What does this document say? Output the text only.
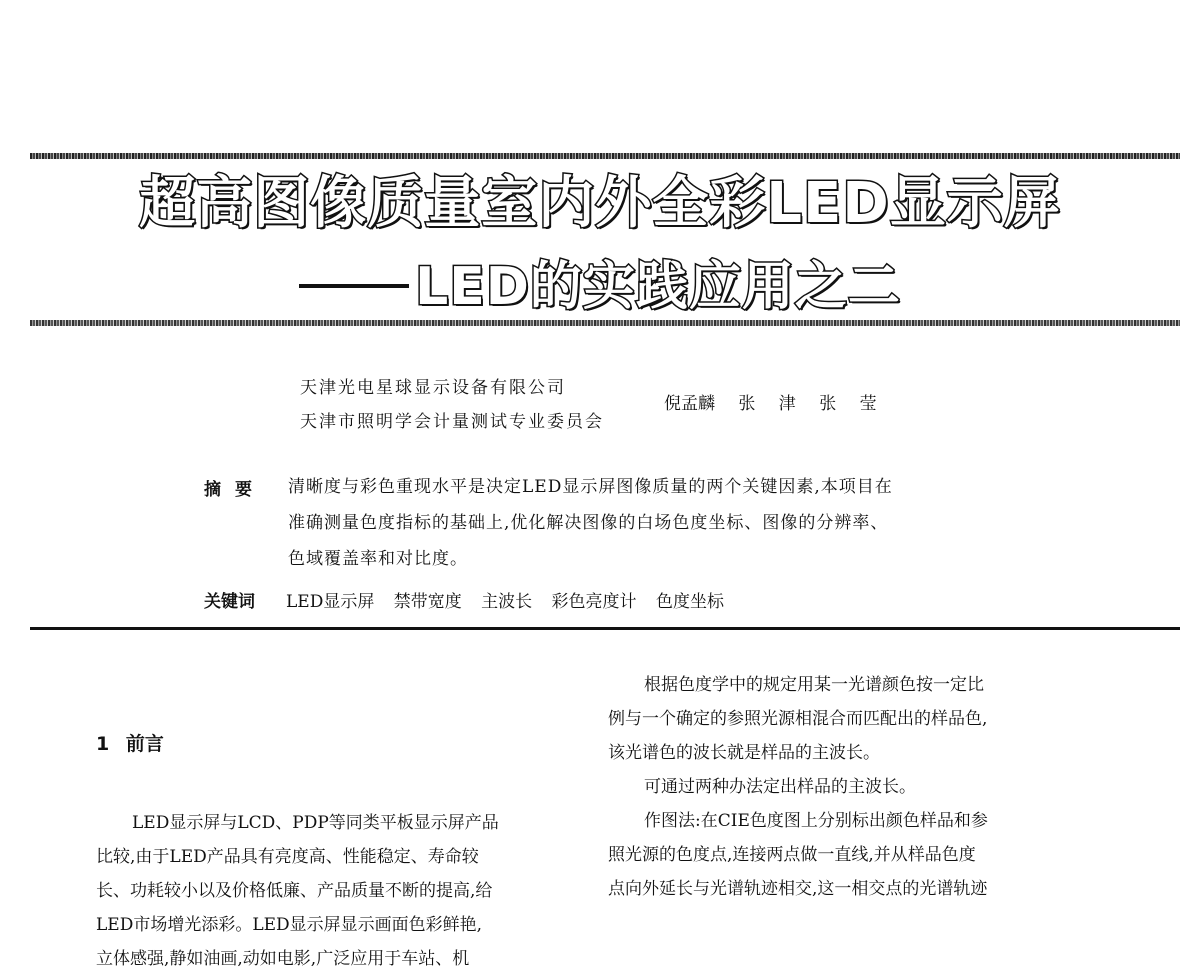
超高图像质量室内外全彩LED显示屏
LED的实践应用之二
天津光电星球显示设备有限公司
天津市照明学会计量测试专业委员会
倪孟麟 张 津 张 莹
摘要 清晰度与彩色重现水平是决定LED显示屏图像质量的两个关键因素,本项目在
准确测量色度指标的基础上,优化解决图像的白场色度坐标、图像的分辨率、
色域覆盖率和对比度。
关键词 LED显示屏 禁带宽度 主波长 彩色亮度计 色度坐标
1 前言
LED显示屏与LCD、PDP等同类平板显示屏产品
比较,由于LED产品具有亮度高、性能稳定、寿命较
长、功耗较小以及价格低廉、产品质量不断的提高,给
LED市场增光添彩。LED显示屏显示画面色彩鲜艳,
立体感强,静如油画,动如电影,广泛应用于车站、机
根据色度学中的规定用某一光谱颜色按一定比
例与一个确定的参照光源相混合而匹配出的样品色,
该光谱色的波长就是样品的主波长。
可通过两种办法定出样品的主波长。
作图法:在CIE色度图上分别标出颜色样品和参
照光源的色度点,连接两点做一直线,并从样品色度
点向外延长与光谱轨迹相交,这一相交点的光谱轨迹
